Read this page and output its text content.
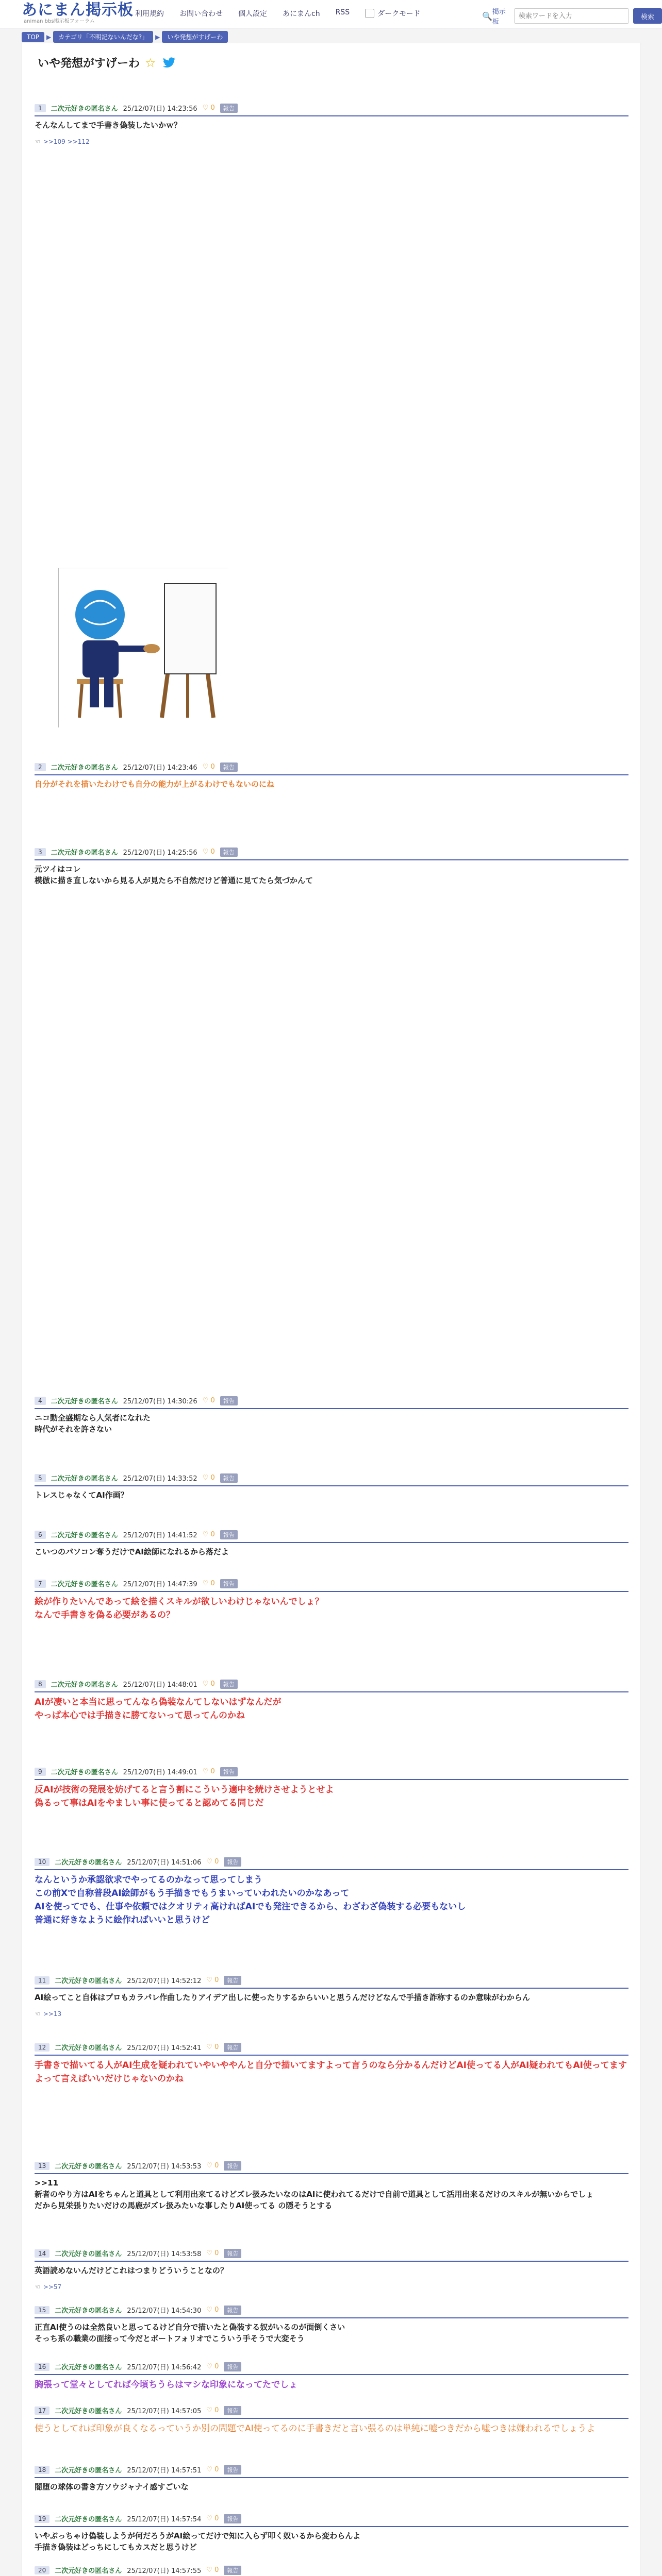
あにまん掲示板
animan bbs掲示板フォーラム
利用規約 お問い合わせ 個人設定 あにまんch RSS	ダークモード	🔍 掲示板
検索ワードを入力
検索
TOP	▶	カテゴリ「不明記ないんだな?」	▶	いや発想がすげーわ
いや発想がすげーわ ☆
1	二次元好きの匿名さん 25/12/07(日) 14:23:56 ♡ 0	報告
そんなんしてまで手書き偽装したいかｗ？
☜ >>109 >>112
2	二次元好きの匿名さん 25/12/07(日) 14:23:46 ♡ 0	報告
自分がそれを描いたわけでも自分の能力が上がるわけでもないのにね
3	二次元好きの匿名さん 25/12/07(日) 14:25:56 ♡ 0	報告
元ツイはコレ
模倣に描き直しないから見る人が見たら不自然だけど普通に見てたら気づかんて
4	二次元好きの匿名さん 25/12/07(日) 14:30:26 ♡ 0	報告
ニコ動全盛期なら人気者になれた
時代がそれを許さない
5	二次元好きの匿名さん 25/12/07(日) 14:33:52 ♡ 0	報告
トレスじゃなくてAI作画？
6	二次元好きの匿名さん 25/12/07(日) 14:41:52 ♡ 0	報告
こいつのパソコン奪うだけでAI絵師になれるから落だよ
7	二次元好きの匿名さん 25/12/07(日) 14:47:39 ♡ 0	報告
絵が作りたいんであって絵を描くスキルが欲しいわけじゃないんでしょ？
なんで手書きを偽る必要があるの？
8	二次元好きの匿名さん 25/12/07(日) 14:48:01 ♡ 0	報告
AIが凄いと本当に思ってんなら偽装なんてしないはずなんだが
やっぱ本心では手描きに勝てないって思ってんのかね
9	二次元好きの匿名さん 25/12/07(日) 14:49:01 ♡ 0	報告
反AIが技術の発展を妨げてると言う割にこういう適中を続けさせようとせよ
偽るって事はAIをやましい事に使ってると認めてる同じだ
10	二次元好きの匿名さん 25/12/07(日) 14:51:06 ♡ 0	報告
なんというか承認欲求でやってるのかなって思ってしまう
この前Xで自称普段AI絵師がもう手描きでもうまいっていわれたいのかなあって
AIを使ってでも、仕事や依頼ではクオリティ高ければAIでも発注できるから、わざわざ偽装する必要もないし
普通に好きなように絵作ればいいと思うけど
11	二次元好きの匿名さん 25/12/07(日) 14:52:12 ♡ 0	報告
AI絵ってこと自体はプロもカラパレ作曲したりアイデア出しに使ったりするからいいと思うんだけどなんで手描き詐称するのか意味がわからん
☜ >>13
12	二次元好きの匿名さん 25/12/07(日) 14:52:41 ♡ 0	報告
手書きで描いてる人がAI生成を疑われていやいややんと自分で描いてますよって言うのなら分かるんだけどAI使ってる人がAI疑われてもAI使ってますよって言えばいいだけじゃないのかね
13	二次元好きの匿名さん 25/12/07(日) 14:53:53 ♡ 0	報告
>>11
新者のやり方はAIをちゃんと道具として利用出来てるけどズレ扱みたいなのはAIに使われてるだけで自前で道具として活用出来るだけのスキルが無いからでしょ
だから見栄張りたいだけの馬鹿がズレ扱みたいな事したりAI使ってる の隠そうとする
14	二次元好きの匿名さん 25/12/07(日) 14:53:58 ♡ 0	報告
英語読めないんだけどこれはつまりどういうことなの？
☜ >>57
15	二次元好きの匿名さん 25/12/07(日) 14:54:30 ♡ 0	報告
正直AI使うのは全然良いと思ってるけど自分で描いたと偽装する奴がいるのが面倒くさい
そっち系の職業の面接って今だとポートフォリオでこういう手そうで大変そう
16	二次元好きの匿名さん 25/12/07(日) 14:56:42 ♡ 0	報告
胸張って堂々としてれば今頃ちうらはマシな印象になってたでしょ
17	二次元好きの匿名さん 25/12/07(日) 14:57:05 ♡ 0	報告
使うとしてれば印象が良くなるっていうか別の問題でAI使ってるのに手書きだと言い張るのは単純に嘘つきだから嘘つきは嫌われるでしょうよ
18	二次元好きの匿名さん 25/12/07(日) 14:57:51 ♡ 0	報告
闇堕の球体の書き方ソウジャナイ感すごいな
19	二次元好きの匿名さん 25/12/07(日) 14:57:54 ♡ 0	報告
いやぶっちゃけ偽装しようが何だろうがAI絵ってだけで知に入らず叩く奴いるから変わらんよ
手描き偽装はどっちにしてもカスだと思うけど
20	二次元好きの匿名さん 25/12/07(日) 14:57:55 ♡ 0	報告
